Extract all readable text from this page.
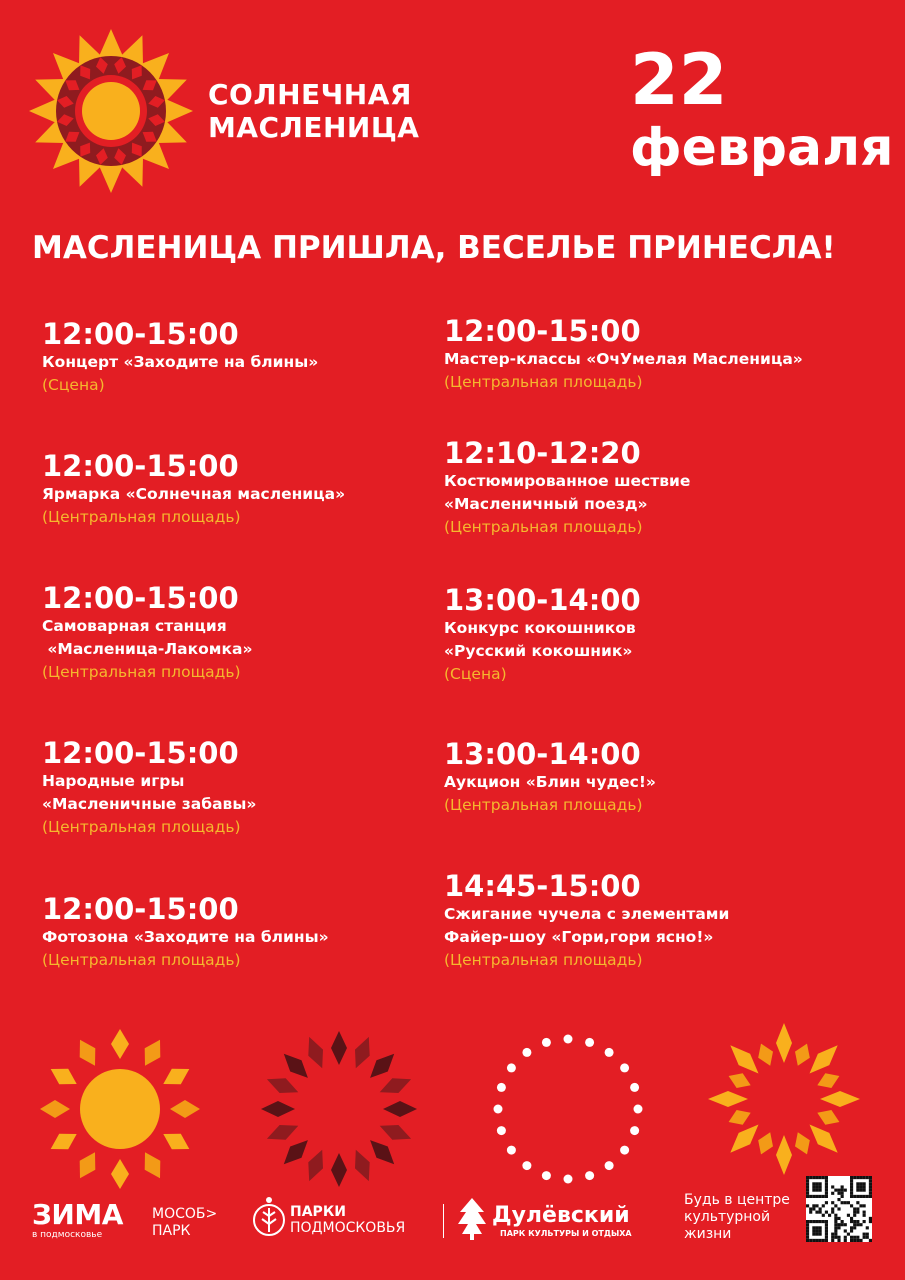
СОЛНЕЧНАЯ
МАСЛЕНИЦА
22
февраля
МАСЛЕНИЦА ПРИШЛА, ВЕСЕЛЬЕ ПРИНЕСЛА!
12:00-15:00
Концерт «Заходите на блины»
(Сцена)
12:00-15:00
Ярмарка «Солнечная масленица»
(Центральная площадь)
12:00-15:00
Самоварная станция
«Масленица-Лакомка»
(Центральная площадь)
12:00-15:00
Народные игры
«Масленичные забавы»
(Центральная площадь)
12:00-15:00
Фотозона «Заходите на блины»
(Центральная площадь)
12:00-15:00
Мастер-классы «ОчУмелая Масленица»
(Центральная площадь)
12:10-12:20
Костюмированное шествие
«Масленичный поезд»
(Центральная площадь)
13:00-14:00
Конкурс кокошников
«Русский кокошник»
(Сцена)
13:00-14:00
Аукцион «Блин чудес!»
(Центральная площадь)
14:45-15:00
Сжигание чучела с элементами
Файер-шоу «Гори,гори ясно!»
(Центральная площадь)
ЗИМА
в подмосковье
МОСОБ>
ПАРК
ПАРКИ
ПОДМОСКОВЬЯ	Дулёвский
ПАРК КУЛЬТУРЫ И ОТДЫХА
Будь в центре культурной жизни
